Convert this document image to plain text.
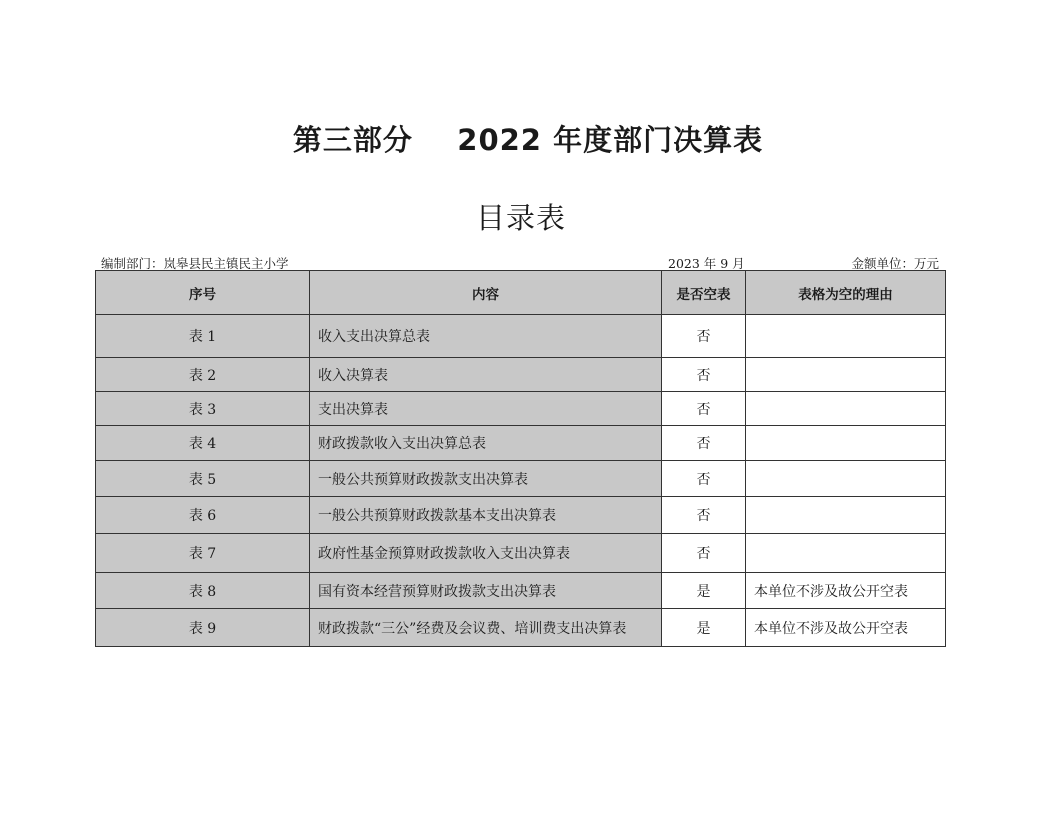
第三部分    2022 年度部门决算表
目录表
编制部门：岚皋县民主镇民主小学	2023 年 9 月	金额单位：万元
序号	内容	是否空表	表格为空的理由
表 1	收入支出决算总表	否	
表 2	收入决算表	否	
表 3	支出决算表	否	
表 4	财政拨款收入支出决算总表	否	
表 5	一般公共预算财政拨款支出决算表	否	
表 6	一般公共预算财政拨款基本支出决算表	否	
表 7	政府性基金预算财政拨款收入支出决算表	否	
表 8	国有资本经营预算财政拨款支出决算表	是	本单位不涉及故公开空表
表 9	财政拨款“三公”经费及会议费、培训费支出决算表	是	本单位不涉及故公开空表
